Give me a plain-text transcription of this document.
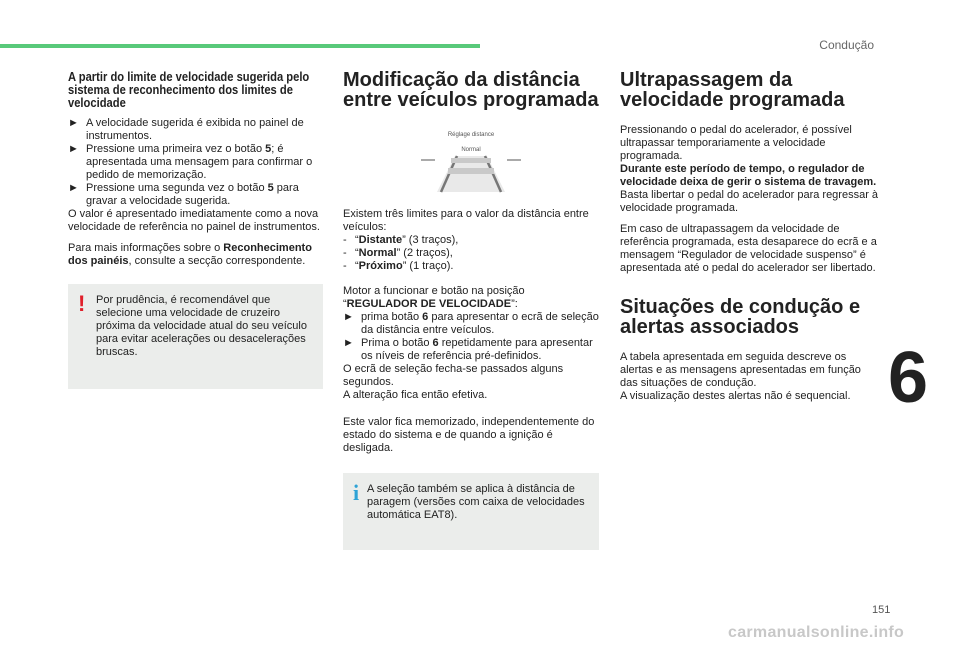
Condução
A partir do limite de velocidade sugerida pelo sistema de reconhecimento dos limites de velocidade

► A velocidade sugerida é exibida no painel de instrumentos.

► Pressione uma primeira vez o botão 5; é apresentada uma mensagem para confirmar o pedido de memorização.

► Pressione uma segunda vez o botão 5 para gravar a velocidade sugerida.

O valor é apresentado imediatamente como a nova velocidade de referência no painel de instrumentos.

Para mais informações sobre o Reconhecimento dos painéis, consulte a secção correspondente.

! Por prudência, é recomendável que selecione uma velocidade de cruzeiro próxima da velocidade atual do seu veículo para evitar acelerações ou desacelerações bruscas.
Modificação da distância entre veículos programada
Réglage distance
Normal

Existem três limites para o valor da distância entre veículos:

- “Distante” (3 traços),

- “Normal” (2 traços),

- “Próximo” (1 traço).

Motor a funcionar e botão na posição “REGULADOR DE VELOCIDADE”:

► prima botão 6 para apresentar o ecrã de seleção da distância entre veículos.

► Prima o botão 6 repetidamente para apresentar os níveis de referência pré-definidos.

O ecrã de seleção fecha-se passados alguns segundos.

A alteração fica então efetiva.

Este valor fica memorizado, independentemente do estado do sistema e de quando a ignição é desligada.

i A seleção também se aplica à distância de paragem (versões com caixa de velocidades automática EAT8).
Ultrapassagem da velocidade programada

Pressionando o pedal do acelerador, é possível ultrapassar temporariamente a velocidade programada.
Durante este período de tempo, o regulador de velocidade deixa de gerir o sistema de travagem.
Basta libertar o pedal do acelerador para regressar à velocidade programada.

Em caso de ultrapassagem da velocidade de referência programada, esta desaparece do ecrã e a mensagem “Regulador de velocidade suspenso” é apresentada até o pedal do acelerador ser libertado.

Situações de condução e alertas associados

A tabela apresentada em seguida descreve os alertas e as mensagens apresentadas em função das situações de condução.
A visualização destes alertas não é sequencial. 6
151
carmanualsonline.info
